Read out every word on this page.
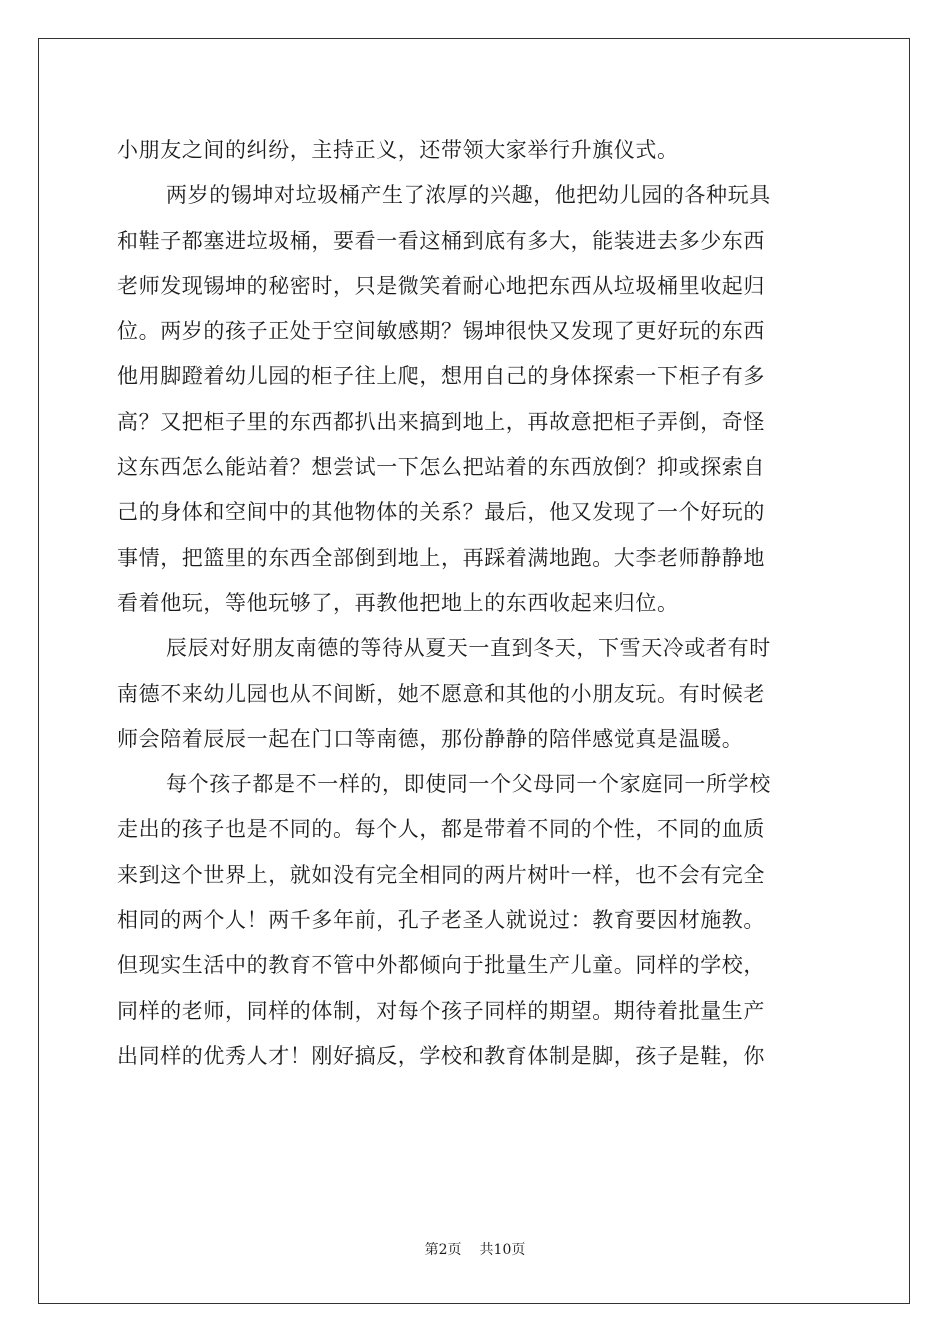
小朋友之间的纠纷，主持正义，还带领大家举行升旗仪式。
两岁的锡坤对垃圾桶产生了浓厚的兴趣，他把幼儿园的各种玩具
和鞋子都塞进垃圾桶，要看一看这桶到底有多大，能装进去多少东西
老师发现锡坤的秘密时，只是微笑着耐心地把东西从垃圾桶里收起归
位。两岁的孩子正处于空间敏感期？锡坤很快又发现了更好玩的东西
他用脚蹬着幼儿园的柜子往上爬，想用自己的身体探索一下柜子有多
高？又把柜子里的东西都扒出来搞到地上，再故意把柜子弄倒，奇怪
这东西怎么能站着？想尝试一下怎么把站着的东西放倒？抑或探索自
己的身体和空间中的其他物体的关系？最后，他又发现了一个好玩的
事情，把篮里的东西全部倒到地上，再踩着满地跑。大李老师静静地
看着他玩，等他玩够了，再教他把地上的东西收起来归位。
辰辰对好朋友南德的等待从夏天一直到冬天，下雪天冷或者有时
南德不来幼儿园也从不间断，她不愿意和其他的小朋友玩。有时候老
师会陪着辰辰一起在门口等南德，那份静静的陪伴感觉真是温暖。
每个孩子都是不一样的，即使同一个父母同一个家庭同一所学校
走出的孩子也是不同的。每个人，都是带着不同的个性，不同的血质
来到这个世界上，就如没有完全相同的两片树叶一样，也不会有完全
相同的两个人！两千多年前，孔子老圣人就说过：教育要因材施教。
但现实生活中的教育不管中外都倾向于批量生产儿童。同样的学校，
同样的老师，同样的体制，对每个孩子同样的期望。期待着批量生产
出同样的优秀人才！刚好搞反，学校和教育体制是脚，孩子是鞋，你
第2页 共10页
